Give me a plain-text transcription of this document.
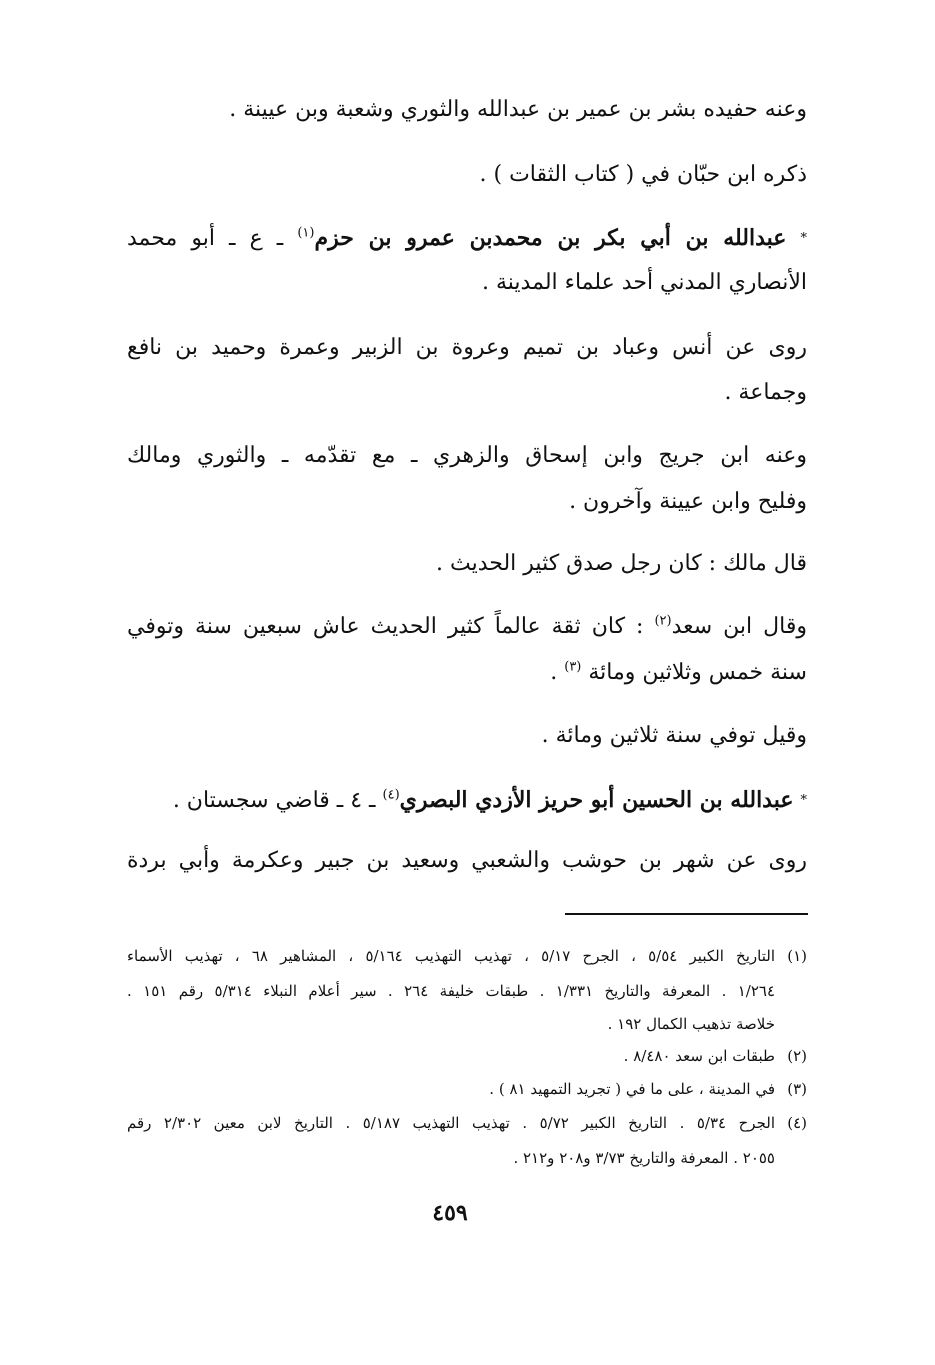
وعنه حفيده بشر بن عمير بن عبدالله والثوري وشعبة وبن عيينة .
ذكره ابن حبّان في ( كتاب الثقات ) .
* عبدالله بن أبي بكر بن محمدبن عمرو بن حزم$^{(١)}$ ـ ع ـ أبو محمد
الأنصاري المدني أحد علماء المدينة .
روى عن أنس وعباد بن تميم وعروة بن الزبير وعمرة وحميد بن نافع
وجماعة .
وعنه ابن جريج وابن إسحاق والزهري ـ مع تقدّمه ـ والثوري ومالك
وفليح وابن عيينة وآخرون .
قال مالك : كان رجل صدق كثير الحديث .
وقال ابن سعد$^{(٢)}$ : كان ثقة عالماً كثير الحديث عاش سبعين سنة وتوفي
سنة خمس وثلاثين ومائة $^{(٣)}$ .
وقيل توفي سنة ثلاثين ومائة .
* عبدالله بن الحسين أبو حريز الأزدي البصري$^{(٤)}$ ـ ٤ ـ قاضي سجستان .
روى عن شهر بن حوشب والشعبي وسعيد بن جبير وعكرمة وأبي بردة
(١)التاريخ الكبير ٥/٥٤ ، الجرح ٥/١٧ ، تهذيب التهذيب ٥/١٦٤ ، المشاهير ٦٨ ، تهذيب الأسماء
١/٢٦٤ . المعرفة والتاريخ ١/٣٣١ . طبقات خليفة ٢٦٤ . سير أعلام النبلاء ٥/٣١٤ رقم ١٥١ .
خلاصة تذهيب الكمال ١٩٢ .
(٢)طبقات ابن سعد ٨/٤٨٠ .
(٣)في المدينة ، على ما في ( تجريد التمهيد ٨١ ) .
(٤)الجرح ٥/٣٤ . التاريخ الكبير ٥/٧٢ . تهذيب التهذيب ٥/١٨٧ . التاريخ لابن معين ٢/٣٠٢ رقم
٢٠٥٥ . المعرفة والتاريخ ٣/٧٣ و٢٠٨ و٢١٢ .
٤٥٩
